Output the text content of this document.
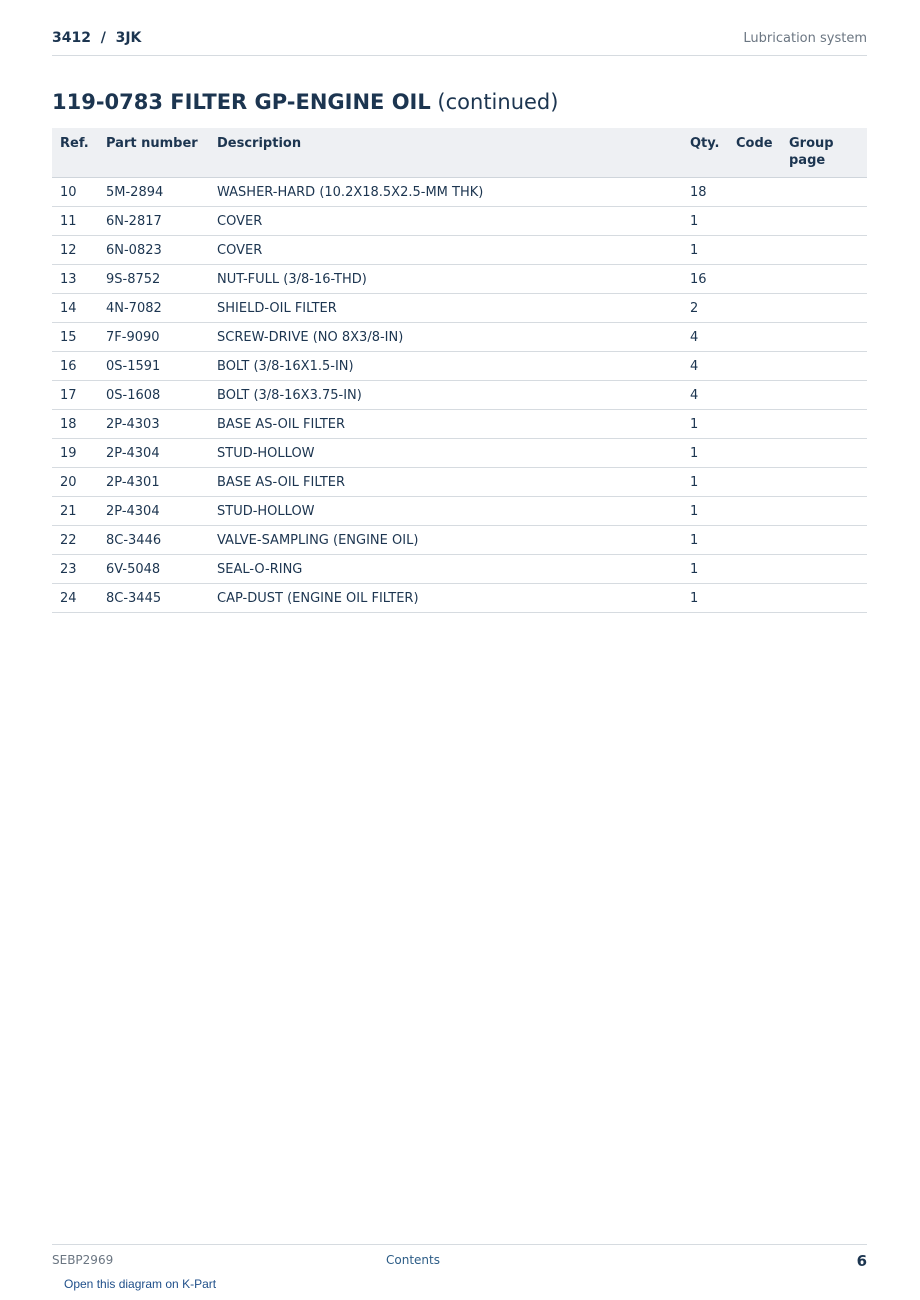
3412  /  3JK	Lubrication system
119-0783 FILTER GP-ENGINE OIL (continued)
Ref.	Part number	Description	Qty.	Code	Group page
10	5M-2894	WASHER-HARD (10.2X18.5X2.5-MM THK)	18		
11	6N-2817	COVER	1		
12	6N-0823	COVER	1		
13	9S-8752	NUT-FULL (3/8-16-THD)	16		
14	4N-7082	SHIELD-OIL FILTER	2		
15	7F-9090	SCREW-DRIVE (NO 8X3/8-IN)	4		
16	0S-1591	BOLT (3/8-16X1.5-IN)	4		
17	0S-1608	BOLT (3/8-16X3.75-IN)	4		
18	2P-4303	BASE AS-OIL FILTER	1		
19	2P-4304	STUD-HOLLOW	1		
20	2P-4301	BASE AS-OIL FILTER	1		
21	2P-4304	STUD-HOLLOW	1		
22	8C-3446	VALVE-SAMPLING (ENGINE OIL)	1		
23	6V-5048	SEAL-O-RING	1		
24	8C-3445	CAP-DUST (ENGINE OIL FILTER)	1		
SEBP2969	Contents	6
Open this diagram on K-Part
